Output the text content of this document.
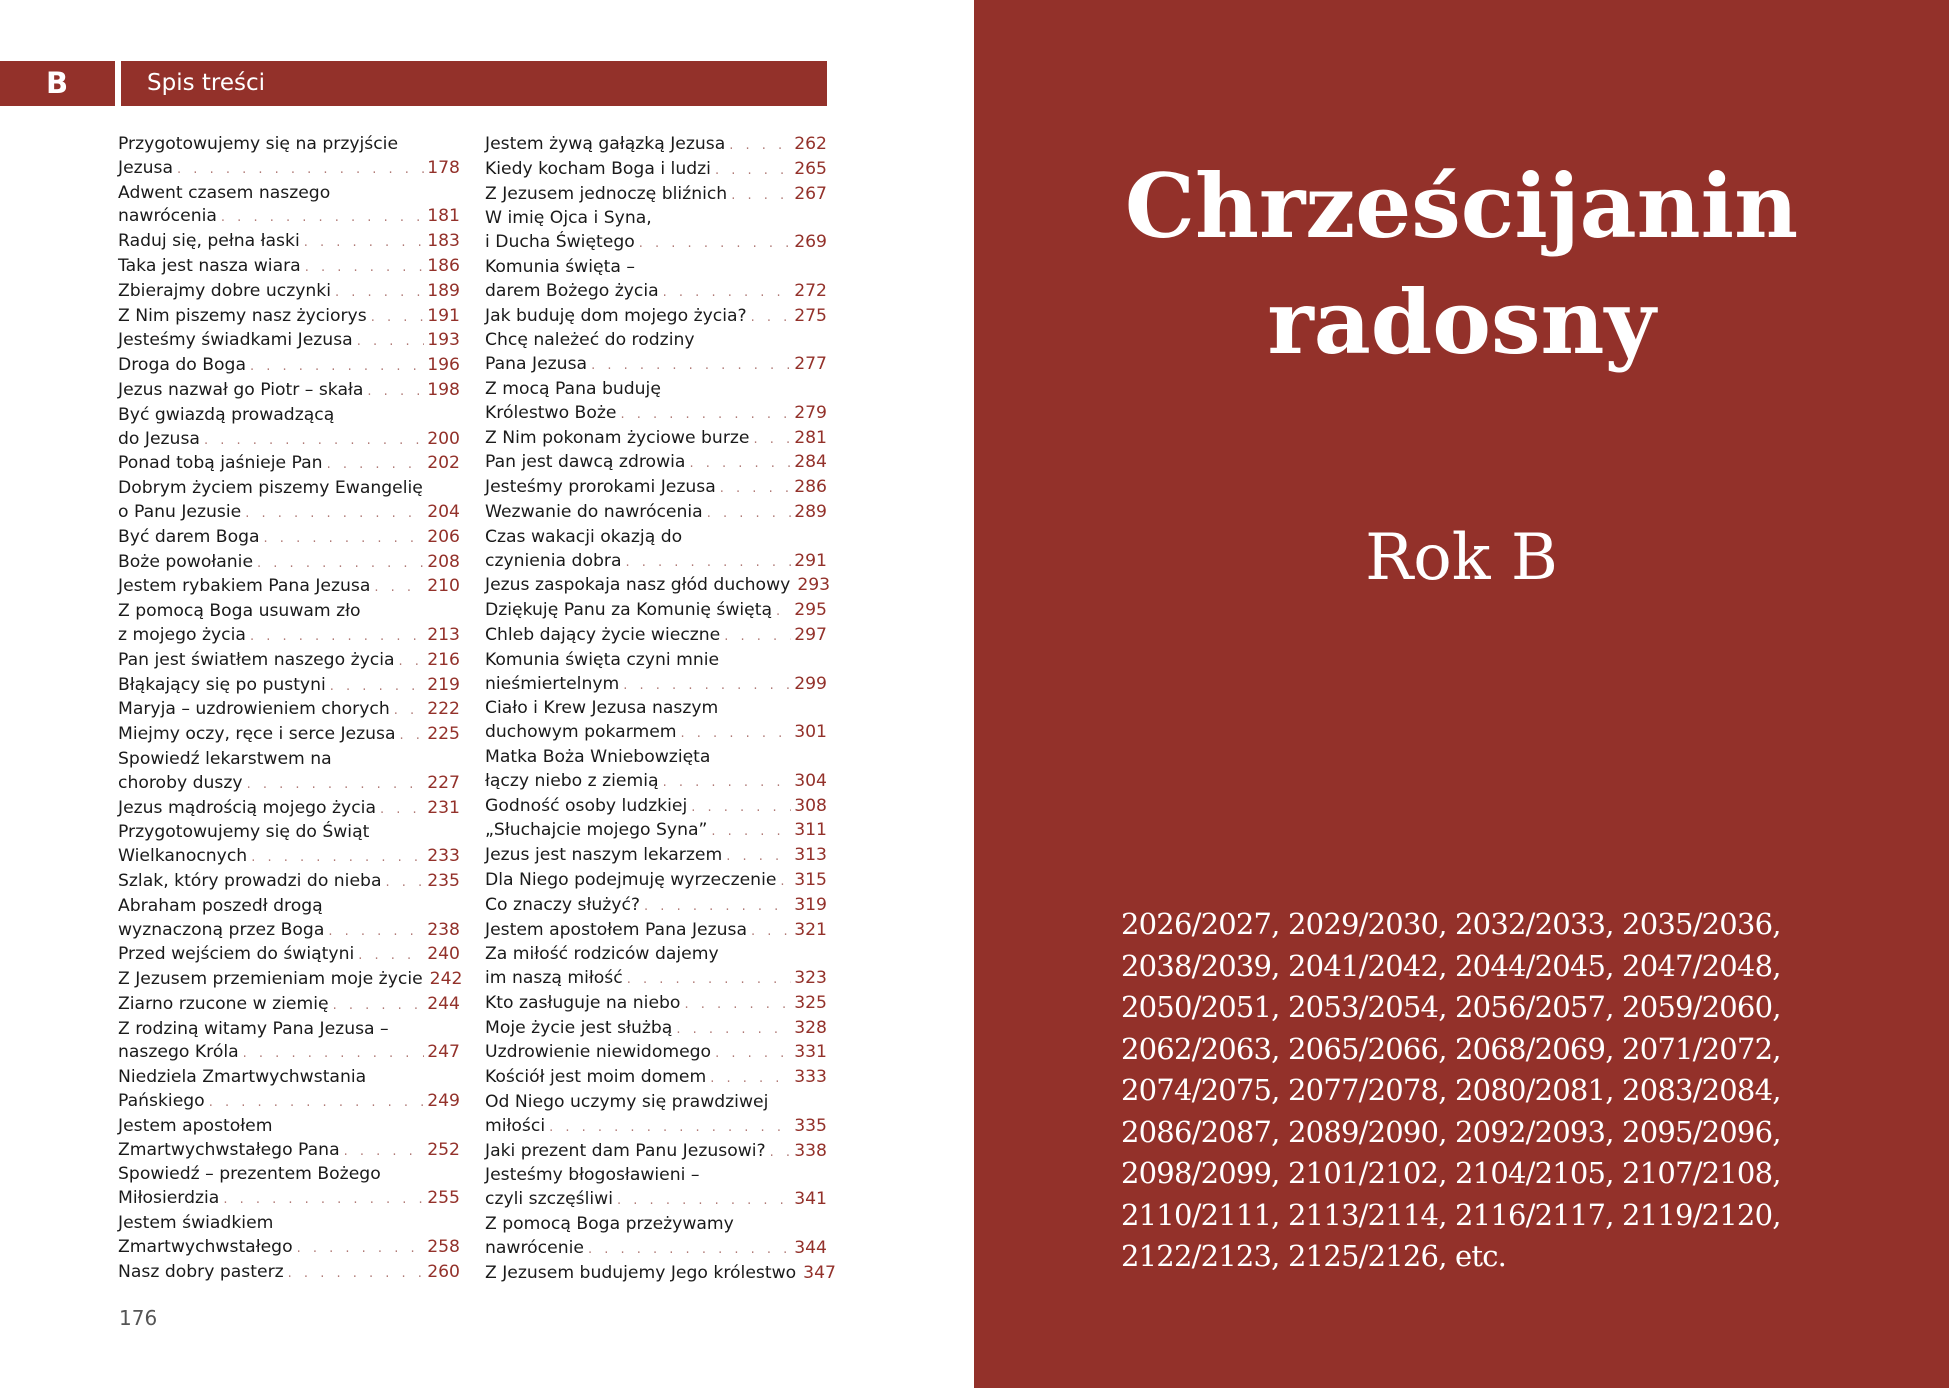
B	Spis treści
Przygotowujemy się na przyjście
Jezusa . . .	178
Adwent czasem naszego
nawrócenia . . .	181
Raduj się, pełna łaski . . .	183
Taka jest nasza wiara . . .	186
Zbierajmy dobre uczynki . . .	189
Z Nim piszemy nasz życiorys . . .	191
Jesteśmy świadkami Jezusa . . .	193
Droga do Boga . . .	196
Jezus nazwał go Piotr – skała . . .	198
Być gwiazdą prowadzącą
do Jezusa . . .	200
Ponad tobą jaśnieje Pan . . .	202
Dobrym życiem piszemy Ewangelię
o Panu Jezusie . . .	204
Być darem Boga . . .	206
Boże powołanie . . .	208
Jestem rybakiem Pana Jezusa . . .	210
Z pomocą Boga usuwam zło
z mojego życia . . .	213
Pan jest światłem naszego życia . . . 216
Błąkający się po pustyni . . .	219
Maryja – uzdrowieniem chorych . . . 222
Miejmy oczy, ręce i serce Jezusa . . . 225
Spowiedź lekarstwem na
choroby duszy . . .	227
Jezus mądrością mojego życia . . .	231
Przygotowujemy się do Świąt
Wielkanocnych . . .	233
Szlak, który prowadzi do nieba . . .	235
Abraham poszedł drogą
wyznaczoną przez Boga . . .	238
Przed wejściem do świątyni . . .	240
Z Jezusem przemieniam moje życie 242
Ziarno rzucone w ziemię . . .	244
Z rodziną witamy Pana Jezusa –
naszego Króla . . .	247
Niedziela Zmartwychwstania
Pańskiego . . .	249
Jestem apostołem
Zmartwychwstałego Pana . . .	252
Spowiedź – prezentem Bożego
Miłosierdzia . . .	255
Jestem świadkiem
Zmartwychwstałego . . .	258
Nasz dobry pasterz . . .	260
Jestem żywą gałązką Jezusa . . .	262
Kiedy kocham Boga i ludzi . . .	265
Z Jezusem jednoczę bliźnich . . .	267
W imię Ojca i Syna,
i Ducha Świętego . . .	269
Komunia święta –
darem Bożego życia . . .	272
Jak buduję dom mojego życia? . . .	275
Chcę należeć do rodziny
Pana Jezusa . . .	277
Z mocą Pana buduję
Królestwo Boże . . .	279
Z Nim pokonam życiowe burze . . .	281
Pan jest dawcą zdrowia . . .	284
Jesteśmy prorokami Jezusa . . .	286
Wezwanie do nawrócenia . . .	289
Czas wakacji okazją do
czynienia dobra . . .	291
Jezus zaspokaja nasz głód duchowy 293
Dziękuję Panu za Komunię świętą . . . 295
Chleb dający życie wieczne . . .	297
Komunia święta czyni mnie
nieśmiertelnym . . .	299
Ciało i Krew Jezusa naszym
duchowym pokarmem . . .	301
Matka Boża Wniebowzięta
łączy niebo z ziemią . . .	304
Godność osoby ludzkiej . . .	308
„Słuchajcie mojego Syna” . . .	311
Jezus jest naszym lekarzem . . .	313
Dla Niego podejmuję wyrzeczenie . . . 315
Co znaczy służyć? . . .	319
Jestem apostołem Pana Jezusa . . .	321
Za miłość rodziców dajemy
im naszą miłość . . .	323
Kto zasługuje na niebo . . .	325
Moje życie jest służbą . . .	328
Uzdrowienie niewidomego . . .	331
Kościół jest moim domem . . .	333
Od Niego uczymy się prawdziwej
miłości . . .	335
Jaki prezent dam Panu Jezusowi? . . . 338
Jesteśmy błogosławieni –
czyli szczęśliwi . . .	341
Z pomocą Boga przeżywamy
nawrócenie . . .	344
Z Jezusem budujemy Jego królestwo 347
176
Chrześcijanin
radosny
Rok B
2026/2027, 2029/2030, 2032/2033, 2035/2036, 2038/2039, 2041/2042, 2044/2045, 2047/2048, 2050/2051, 2053/2054, 2056/2057, 2059/2060, 2062/2063, 2065/2066, 2068/2069, 2071/2072, 2074/2075, 2077/2078, 2080/2081, 2083/2084, 2086/2087, 2089/2090, 2092/2093, 2095/2096, 2098/2099, 2101/2102, 2104/2105, 2107/2108, 2110/2111, 2113/2114, 2116/2117, 2119/2120, 2122/2123, 2125/2126, etc.
